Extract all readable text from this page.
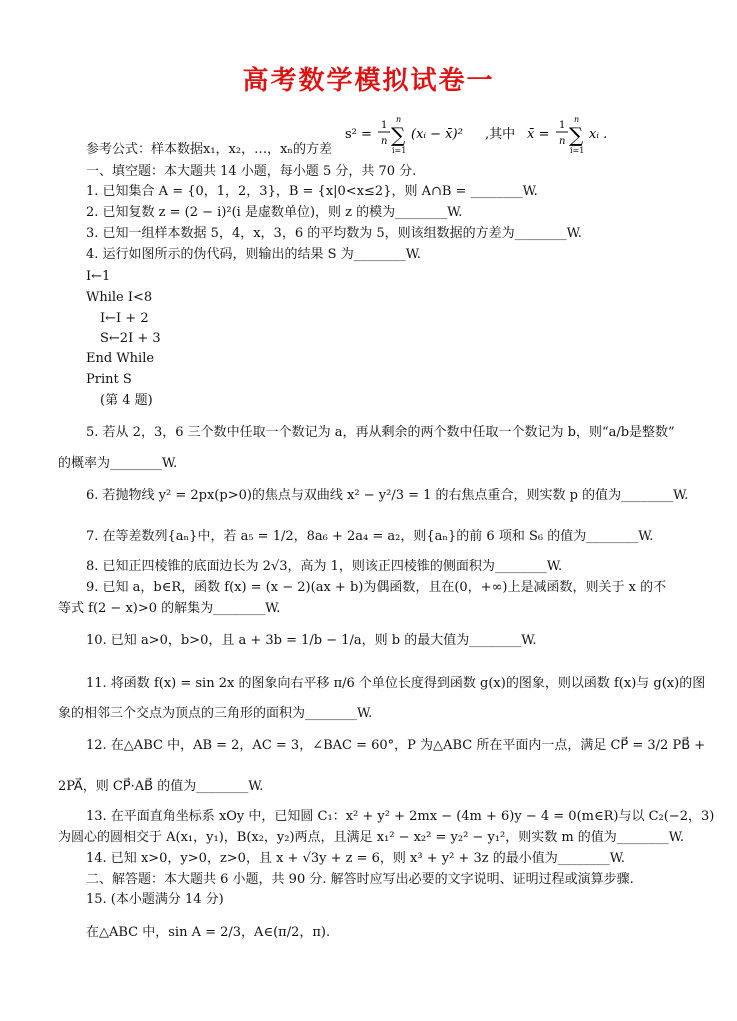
高考数学模拟试卷一
s² =
1
n
n
∑
i=1
(xᵢ − x̄)² ,其中 x̄ =
1
n
n
∑
i=1
xᵢ .
参考公式：样本数据x₁，x₂，…，xₙ的方差
一、填空题：本大题共 14 小题，每小题 5 分，共 70 分.
1. 已知集合 A = {0，1，2，3}，B = {x|0<x≤2}，则 A∩B = ________W.
2. 已知复数 z = (2 − i)²(i 是虚数单位)，则 z 的模为________W.
3. 已知一组样本数据 5，4，x，3，6 的平均数为 5，则该组数据的方差为________W.
4. 运行如图所示的伪代码，则输出的结果 S 为________W.
I←1
While I<8
I←I + 2
S←2I + 3
End While
Print S
(第 4 题)
5. 若从 2，3，6 三个数中任取一个数记为 a，再从剩余的两个数中任取一个数记为 b，则“a/b是整数”
的概率为________W.
6. 若抛物线 y² = 2px(p>0)的焦点与双曲线 x² − y²/3 = 1 的右焦点重合，则实数 p 的值为________W.
7. 在等差数列{aₙ}中，若 a₅ = 1/2，8a₆ + 2a₄ = a₂，则{aₙ}的前 6 项和 S₆ 的值为________W.
8. 已知正四棱锥的底面边长为 2√3，高为 1，则该正四棱锥的侧面积为________W.
9. 已知 a，b∈R，函数 f(x) = (x − 2)(ax + b)为偶函数，且在(0，+∞)上是减函数，则关于 x 的不
等式 f(2 − x)>0 的解集为________W.
10. 已知 a>0，b>0，且 a + 3b = 1/b − 1/a，则 b 的最大值为________W.
11. 将函数 f(x) = sin 2x 的图象向右平移 π/6 个单位长度得到函数 g(x)的图象，则以函数 f(x)与 g(x)的图
象的相邻三个交点为顶点的三角形的面积为________W.
12. 在△ABC 中，AB = 2，AC = 3，∠BAC = 60°，P 为△ABC 所在平面内一点，满足 CP⃗ = 3/2 PB⃗ +
2PA⃗，则 CP⃗·AB⃗ 的值为________W.
13. 在平面直角坐标系 xOy 中，已知圆 C₁：x² + y² + 2mx − (4m + 6)y − 4 = 0(m∈R)与以 C₂(−2，3)
为圆心的圆相交于 A(x₁，y₁)，B(x₂，y₂)两点，且满足 x₁² − x₂² = y₂² − y₁²，则实数 m 的值为________W.
14. 已知 x>0，y>0，z>0，且 x + √3y + z = 6，则 x³ + y² + 3z 的最小值为________W.
二、解答题：本大题共 6 小题，共 90 分. 解答时应写出必要的文字说明、证明过程或演算步骤.
15. (本小题满分 14 分)
在△ABC 中，sin A = 2/3，A∈(π/2，π).
